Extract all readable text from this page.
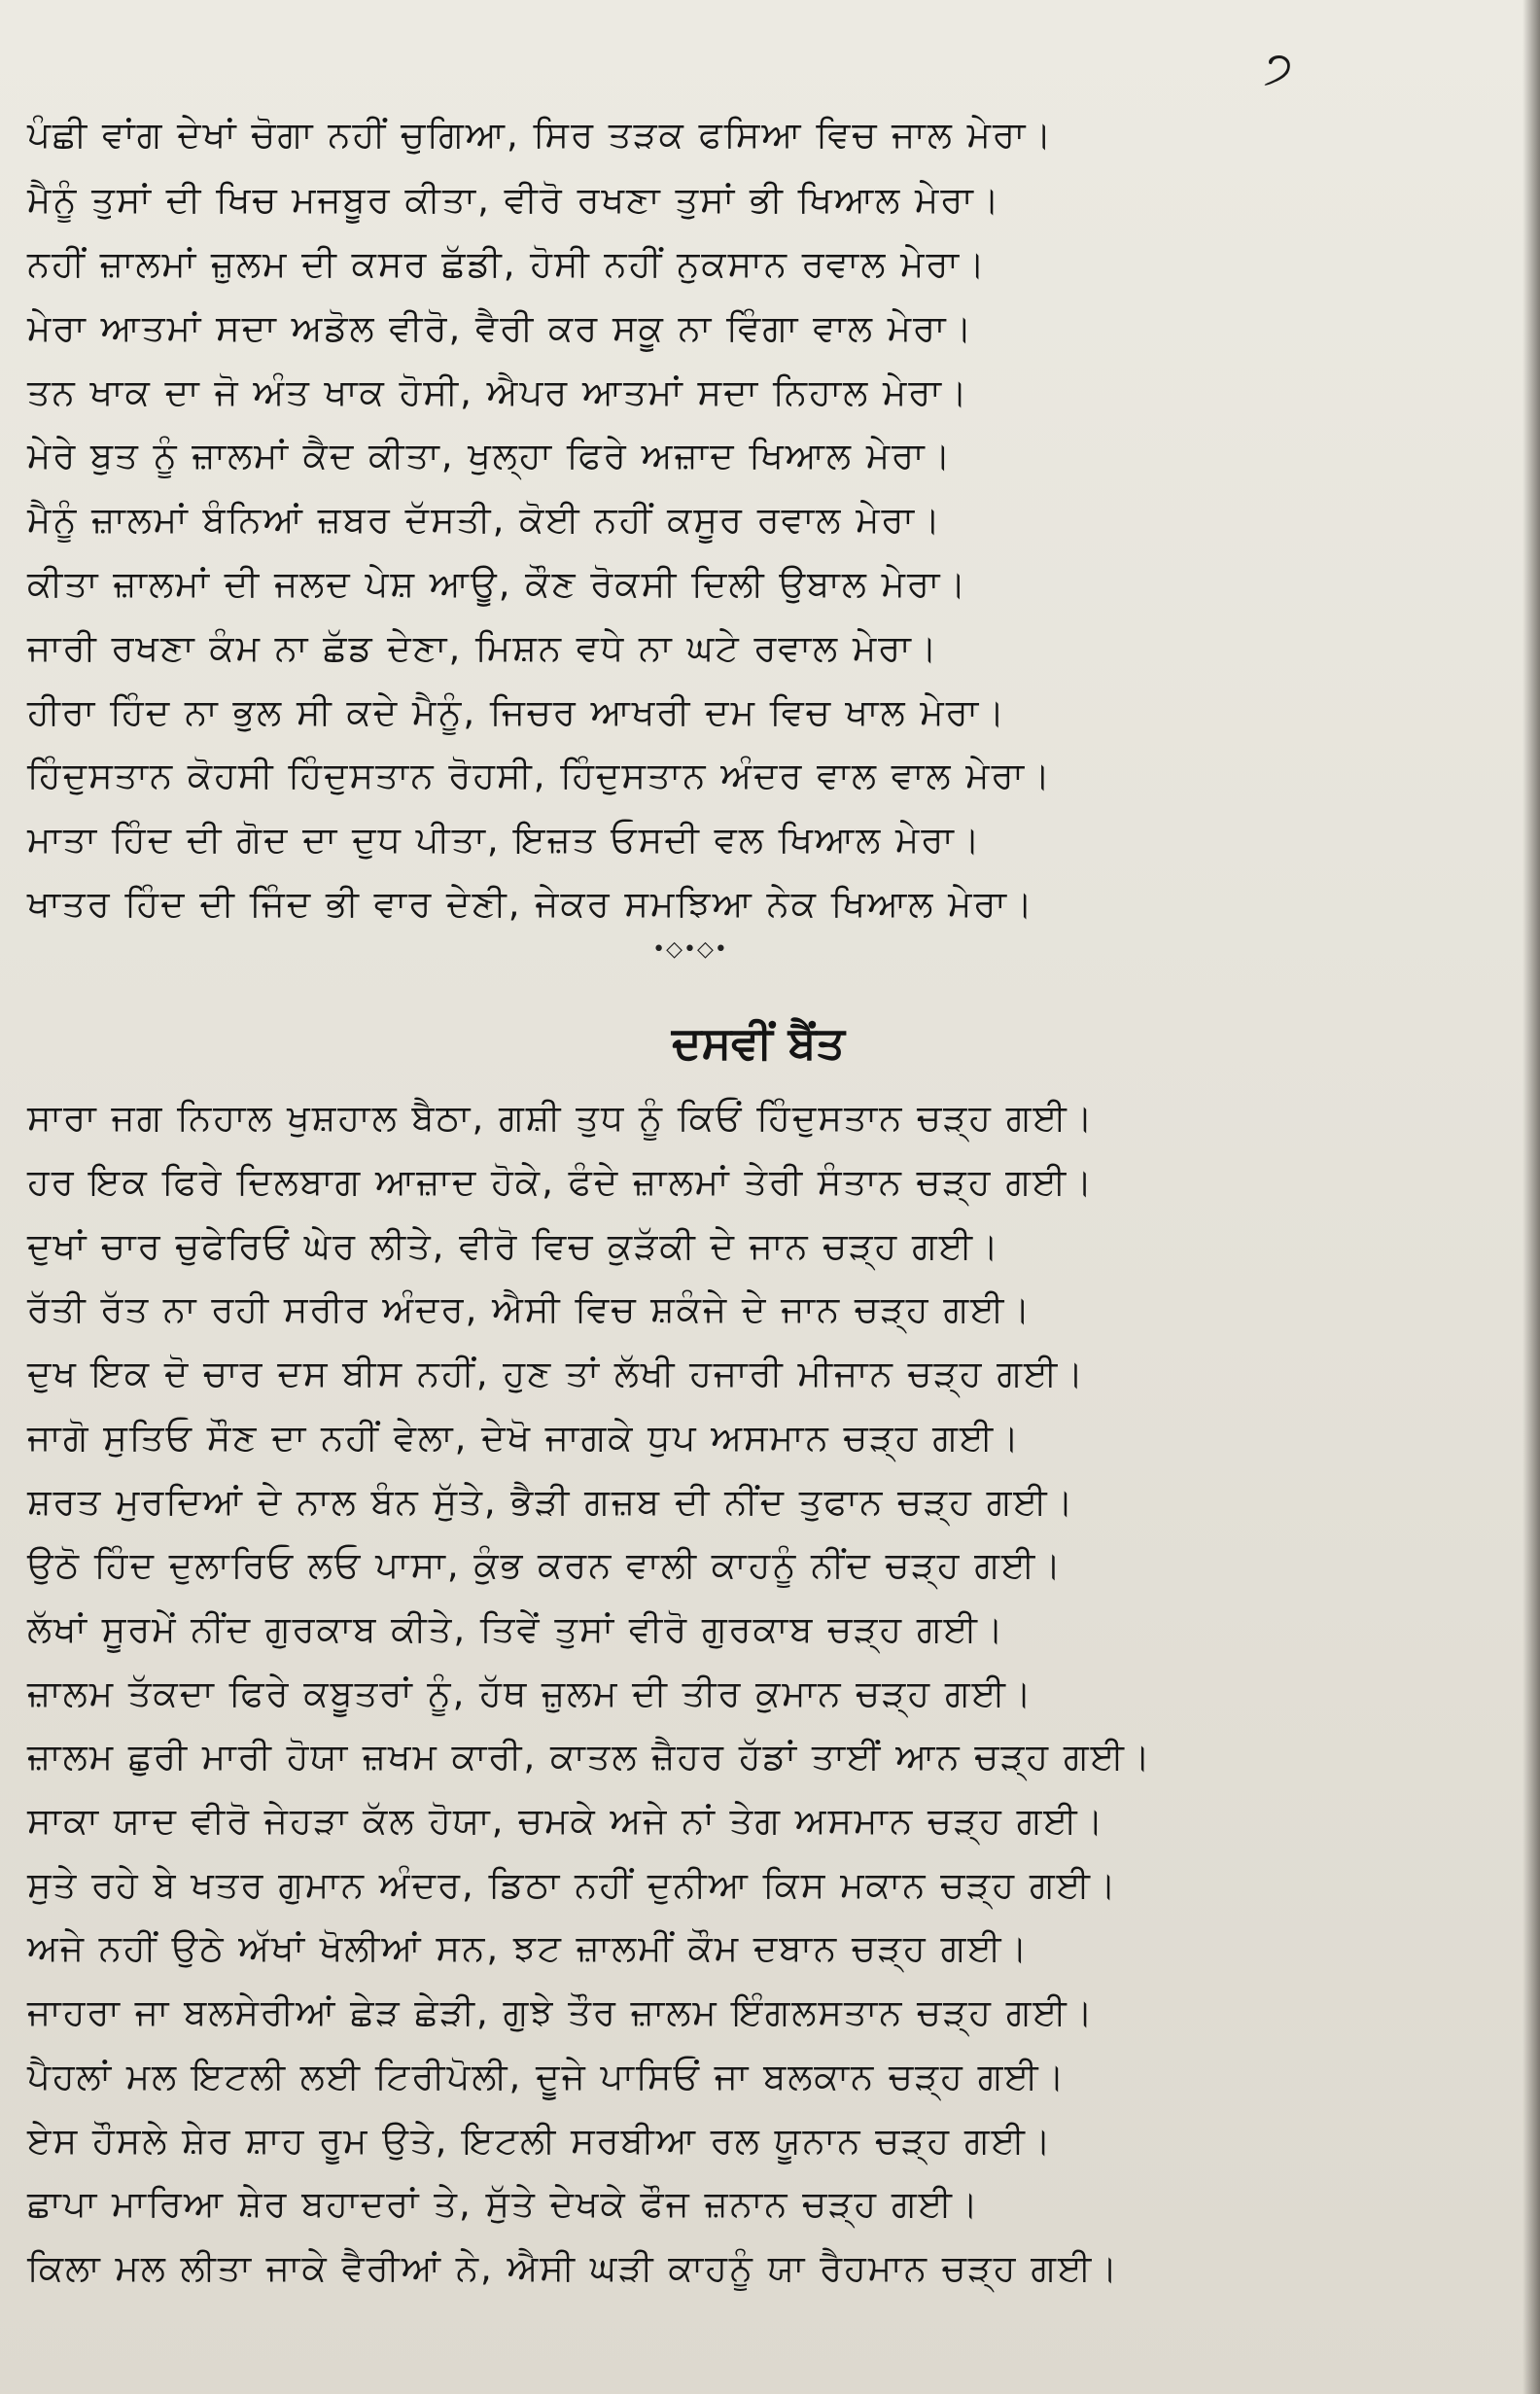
੭
ਪੰਛੀ ਵਾਂਗ ਦੇਖਾਂ ਚੋਗਾ ਨਹੀਂ ਚੁਗਿਆ, ਸਿਰ ਤੜਕ ਫਸਿਆ ਵਿਚ ਜਾਲ ਮੇਰਾ।
ਮੈਨੂੰ ਤੁਸਾਂ ਦੀ ਖਿਚ ਮਜਬੂਰ ਕੀਤਾ, ਵੀਰੋ ਰਖਣਾ ਤੁਸਾਂ ਭੀ ਖਿਆਲ ਮੇਰਾ।
ਨਹੀਂ ਜ਼ਾਲਮਾਂ ਜ਼ੁਲਮ ਦੀ ਕਸਰ ਛੱਡੀ, ਹੋਸੀ ਨਹੀਂ ਨੁਕਸਾਨ ਰਵਾਲ ਮੇਰਾ।
ਮੇਰਾ ਆਤਮਾਂ ਸਦਾ ਅਡੋਲ ਵੀਰੋ, ਵੈਰੀ ਕਰ ਸਕੂ ਨਾ ਵਿੰਗਾ ਵਾਲ ਮੇਰਾ।
ਤਨ ਖਾਕ ਦਾ ਜੋ ਅੰਤ ਖਾਕ ਹੋਸੀ, ਐਪਰ ਆਤਮਾਂ ਸਦਾ ਨਿਹਾਲ ਮੇਰਾ।
ਮੇਰੇ ਬੁਤ ਨੂੰ ਜ਼ਾਲਮਾਂ ਕੈਦ ਕੀਤਾ, ਖੁਲ੍ਹਾ ਫਿਰੇ ਅਜ਼ਾਦ ਖਿਆਲ ਮੇਰਾ।
ਮੈਨੂੰ ਜ਼ਾਲਮਾਂ ਬੰਨਿਆਂ ਜ਼ਬਰ ਦੱਸਤੀ, ਕੋਈ ਨਹੀਂ ਕਸੂਰ ਰਵਾਲ ਮੇਰਾ।
ਕੀਤਾ ਜ਼ਾਲਮਾਂ ਦੀ ਜਲਦ ਪੇਸ਼ ਆਊ, ਕੌਣ ਰੋਕਸੀ ਦਿਲੀ ਉਬਾਲ ਮੇਰਾ।
ਜਾਰੀ ਰਖਣਾ ਕੰਮ ਨਾ ਛੱਡ ਦੇਣਾ, ਮਿਸ਼ਨ ਵਧੇ ਨਾ ਘਟੇ ਰਵਾਲ ਮੇਰਾ।
ਹੀਰਾ ਹਿੰਦ ਨਾ ਭੁਲ ਸੀ ਕਦੇ ਮੈਨੂੰ, ਜਿਚਰ ਆਖਰੀ ਦਮ ਵਿਚ ਖਾਲ ਮੇਰਾ।
ਹਿੰਦੁਸਤਾਨ ਕੋਹਸੀ ਹਿੰਦੁਸਤਾਨ ਰੋਹਸੀ, ਹਿੰਦੁਸਤਾਨ ਅੰਦਰ ਵਾਲ ਵਾਲ ਮੇਰਾ।
ਮਾਤਾ ਹਿੰਦ ਦੀ ਗੋਦ ਦਾ ਦੁਧ ਪੀਤਾ, ਇਜ਼ਤ ਓਸਦੀ ਵਲ ਖਿਆਲ ਮੇਰਾ।
ਖਾਤਰ ਹਿੰਦ ਦੀ ਜਿੰਦ ਭੀ ਵਾਰ ਦੇਣੀ, ਜੇਕਰ ਸਮਝਿਆ ਨੇਕ ਖਿਆਲ ਮੇਰਾ।
•◇•◇•
ਦਸਵੀਂ ਬੈਂਤ
ਸਾਰਾ ਜਗ ਨਿਹਾਲ ਖੁਸ਼ਹਾਲ ਬੈਠਾ, ਗਸ਼ੀ ਤੁਧ ਨੂੰ ਕਿਓਂ ਹਿੰਦੁਸਤਾਨ ਚੜ੍ਹ ਗਈ।
ਹਰ ਇਕ ਫਿਰੇ ਦਿਲਬਾਗ ਆਜ਼ਾਦ ਹੋਕੇ, ਫੰਦੇ ਜ਼ਾਲਮਾਂ ਤੇਰੀ ਸੰਤਾਨ ਚੜ੍ਹ ਗਈ।
ਦੁਖਾਂ ਚਾਰ ਚੁਫੇਰਿਓਂ ਘੇਰ ਲੀਤੇ, ਵੀਰੋ ਵਿਚ ਕੁੜੱਕੀ ਦੇ ਜਾਨ ਚੜ੍ਹ ਗਈ।
ਰੱਤੀ ਰੱਤ ਨਾ ਰਹੀ ਸਰੀਰ ਅੰਦਰ, ਐਸੀ ਵਿਚ ਸ਼ਕੰਜੇ ਦੇ ਜਾਨ ਚੜ੍ਹ ਗਈ।
ਦੁਖ ਇਕ ਦੋ ਚਾਰ ਦਸ ਬੀਸ ਨਹੀਂ, ਹੁਣ ਤਾਂ ਲੱਖੀ ਹਜਾਰੀ ਮੀਜਾਨ ਚੜ੍ਹ ਗਈ।
ਜਾਗੋ ਸੁਤਿਓ ਸੌਣ ਦਾ ਨਹੀਂ ਵੇਲਾ, ਦੇਖੋ ਜਾਗਕੇ ਧੁਪ ਅਸਮਾਨ ਚੜ੍ਹ ਗਈ।
ਸ਼ਰਤ ਮੁਰਦਿਆਂ ਦੇ ਨਾਲ ਬੰਨ ਸੁੱਤੇ, ਭੈੜੀ ਗਜ਼ਬ ਦੀ ਨੀਂਦ ਤੁਫਾਨ ਚੜ੍ਹ ਗਈ।
ਉਠੋ ਹਿੰਦ ਦੁਲਾਰਿਓ ਲਓ ਪਾਸਾ, ਕੁੰਭ ਕਰਨ ਵਾਲੀ ਕਾਹਨੂੰ ਨੀਂਦ ਚੜ੍ਹ ਗਈ।
ਲੱਖਾਂ ਸੂਰਮੇਂ ਨੀਂਦ ਗੁਰਕਾਬ ਕੀਤੇ, ਤਿਵੇਂ ਤੁਸਾਂ ਵੀਰੋ ਗੁਰਕਾਬ ਚੜ੍ਹ ਗਈ।
ਜ਼ਾਲਮ ਤੱਕਦਾ ਫਿਰੇ ਕਬੂਤਰਾਂ ਨੂੰ, ਹੱਥ ਜ਼ੁਲਮ ਦੀ ਤੀਰ ਕੁਮਾਨ ਚੜ੍ਹ ਗਈ।
ਜ਼ਾਲਮ ਛੁਰੀ ਮਾਰੀ ਹੋਯਾ ਜ਼ਖਮ ਕਾਰੀ, ਕਾਤਲ ਜ਼ੈਹਰ ਹੱਡਾਂ ਤਾਈਂ ਆਨ ਚੜ੍ਹ ਗਈ।
ਸਾਕਾ ਯਾਦ ਵੀਰੋ ਜੇਹੜਾ ਕੱਲ ਹੋਯਾ, ਚਮਕੇ ਅਜੇ ਨਾਂ ਤੇਗ ਅਸਮਾਨ ਚੜ੍ਹ ਗਈ।
ਸੁਤੇ ਰਹੇ ਬੇ ਖਤਰ ਗੁਮਾਨ ਅੰਦਰ, ਡਿਠਾ ਨਹੀਂ ਦੁਨੀਆ ਕਿਸ ਮਕਾਨ ਚੜ੍ਹ ਗਈ।
ਅਜੇ ਨਹੀਂ ਉਠੇ ਅੱਖਾਂ ਖੋਲੀਆਂ ਸਨ, ਝਟ ਜ਼ਾਲਮੀਂ ਕੌਮ ਦਬਾਨ ਚੜ੍ਹ ਗਈ।
ਜਾਹਰਾ ਜਾ ਬਲਸੇਰੀਆਂ ਛੇੜ ਛੇੜੀ, ਗੁਝੇ ਤੌਰ ਜ਼ਾਲਮ ਇੰਗਲਸਤਾਨ ਚੜ੍ਹ ਗਈ।
ਪੈਹਲਾਂ ਮਲ ਇਟਲੀ ਲਈ ਟਿਰੀਪੋਲੀ, ਦੂਜੇ ਪਾਸਿਓਂ ਜਾ ਬਲਕਾਨ ਚੜ੍ਹ ਗਈ।
ਏਸ ਹੌਸਲੇ ਸ਼ੇਰ ਸ਼ਾਹ ਰੂਮ ਉਤੇ, ਇਟਲੀ ਸਰਬੀਆ ਰਲ ਯੂਨਾਨ ਚੜ੍ਹ ਗਈ।
ਛਾਪਾ ਮਾਰਿਆ ਸ਼ੇਰ ਬਹਾਦਰਾਂ ਤੇ, ਸੁੱਤੇ ਦੇਖਕੇ ਫੌਜ ਜ਼ਨਾਨ ਚੜ੍ਹ ਗਈ।
ਕਿਲਾ ਮਲ ਲੀਤਾ ਜਾਕੇ ਵੈਰੀਆਂ ਨੇ, ਐਸੀ ਘੜੀ ਕਾਹਨੂੰ ਯਾ ਰੈਹਮਾਨ ਚੜ੍ਹ ਗਈ।
